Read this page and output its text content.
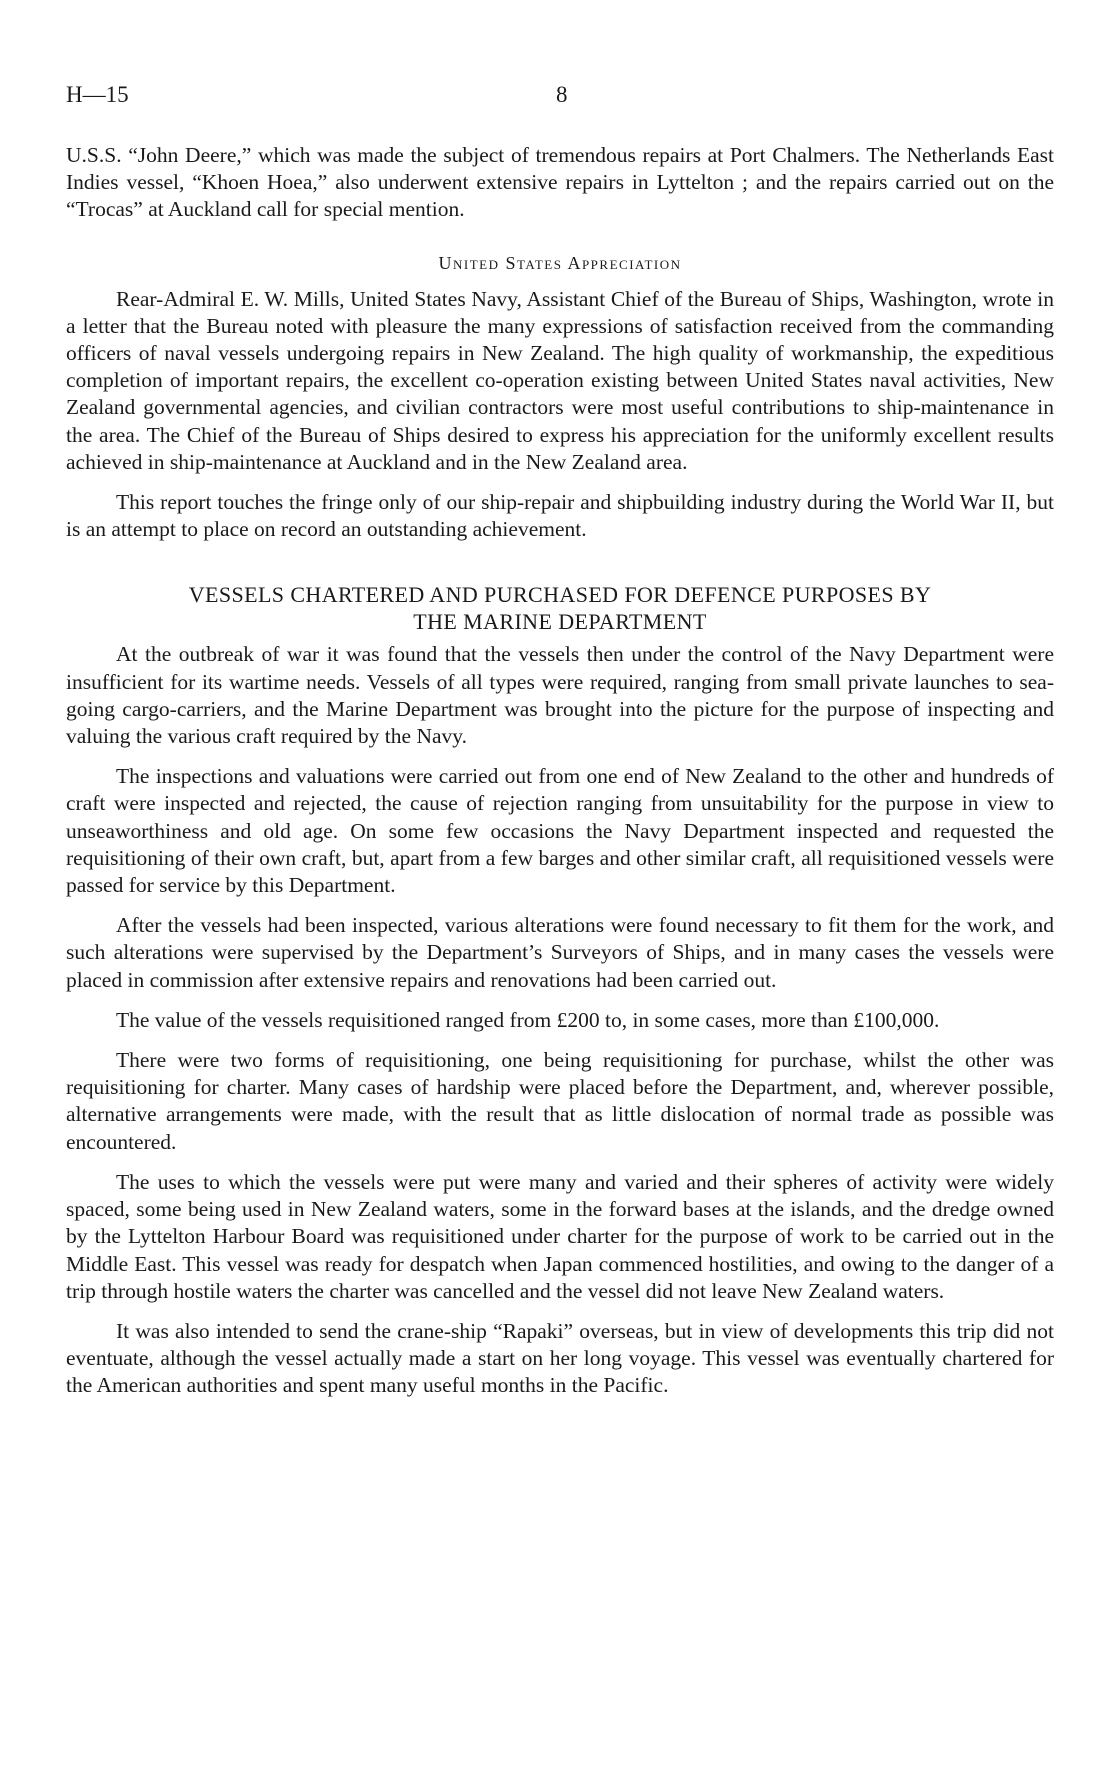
H—15	8

U.S.S. “John Deere,” which was made the subject of tremendous repairs at Port Chalmers. The Netherlands East Indies vessel, “Khoen Hoea,” also underwent extensive repairs in Lyttelton ; and the repairs carried out on the “Trocas” at Auckland call for special mention.

United States Appreciation

Rear-Admiral E. W. Mills, United States Navy, Assistant Chief of the Bureau of Ships, Washington, wrote in a letter that the Bureau noted with pleasure the many expressions of satisfaction received from the commanding officers of naval vessels undergoing repairs in New Zealand. The high quality of workmanship, the expeditious completion of important repairs, the excellent co-operation existing between United States naval activities, New Zealand governmental agencies, and civilian contractors were most useful contributions to ship-maintenance in the area. The Chief of the Bureau of Ships desired to express his appreciation for the uniformly excellent results achieved in ship-maintenance at Auckland and in the New Zealand area.

This report touches the fringe only of our ship-repair and shipbuilding industry during the World War II, but is an attempt to place on record an outstanding achievement.

VESSELS CHARTERED AND PURCHASED FOR DEFENCE PURPOSES BY
THE MARINE DEPARTMENT

At the outbreak of war it was found that the vessels then under the control of the Navy Department were insufficient for its wartime needs. Vessels of all types were required, ranging from small private launches to sea-going cargo-carriers, and the Marine Department was brought into the picture for the purpose of inspecting and valuing the various craft required by the Navy.

The inspections and valuations were carried out from one end of New Zealand to the other and hundreds of craft were inspected and rejected, the cause of rejection ranging from unsuitability for the purpose in view to unseaworthiness and old age. On some few occasions the Navy Department inspected and requested the requisitioning of their own craft, but, apart from a few barges and other similar craft, all requisitioned vessels were passed for service by this Department.

After the vessels had been inspected, various alterations were found necessary to fit them for the work, and such alterations were supervised by the Department’s Surveyors of Ships, and in many cases the vessels were placed in commission after extensive repairs and renovations had been carried out.

The value of the vessels requisitioned ranged from £200 to, in some cases, more than £100,000.

There were two forms of requisitioning, one being requisitioning for purchase, whilst the other was requisitioning for charter. Many cases of hardship were placed before the Department, and, wherever possible, alternative arrangements were made, with the result that as little dislocation of normal trade as possible was encountered.

The uses to which the vessels were put were many and varied and their spheres of activity were widely spaced, some being used in New Zealand waters, some in the forward bases at the islands, and the dredge owned by the Lyttelton Harbour Board was requisitioned under charter for the purpose of work to be carried out in the Middle East. This vessel was ready for despatch when Japan commenced hostilities, and owing to the danger of a trip through hostile waters the charter was cancelled and the vessel did not leave New Zealand waters.

It was also intended to send the crane-ship “Rapaki” overseas, but in view of developments this trip did not eventuate, although the vessel actually made a start on her long voyage. This vessel was eventually chartered for the American authorities and spent many useful months in the Pacific.
